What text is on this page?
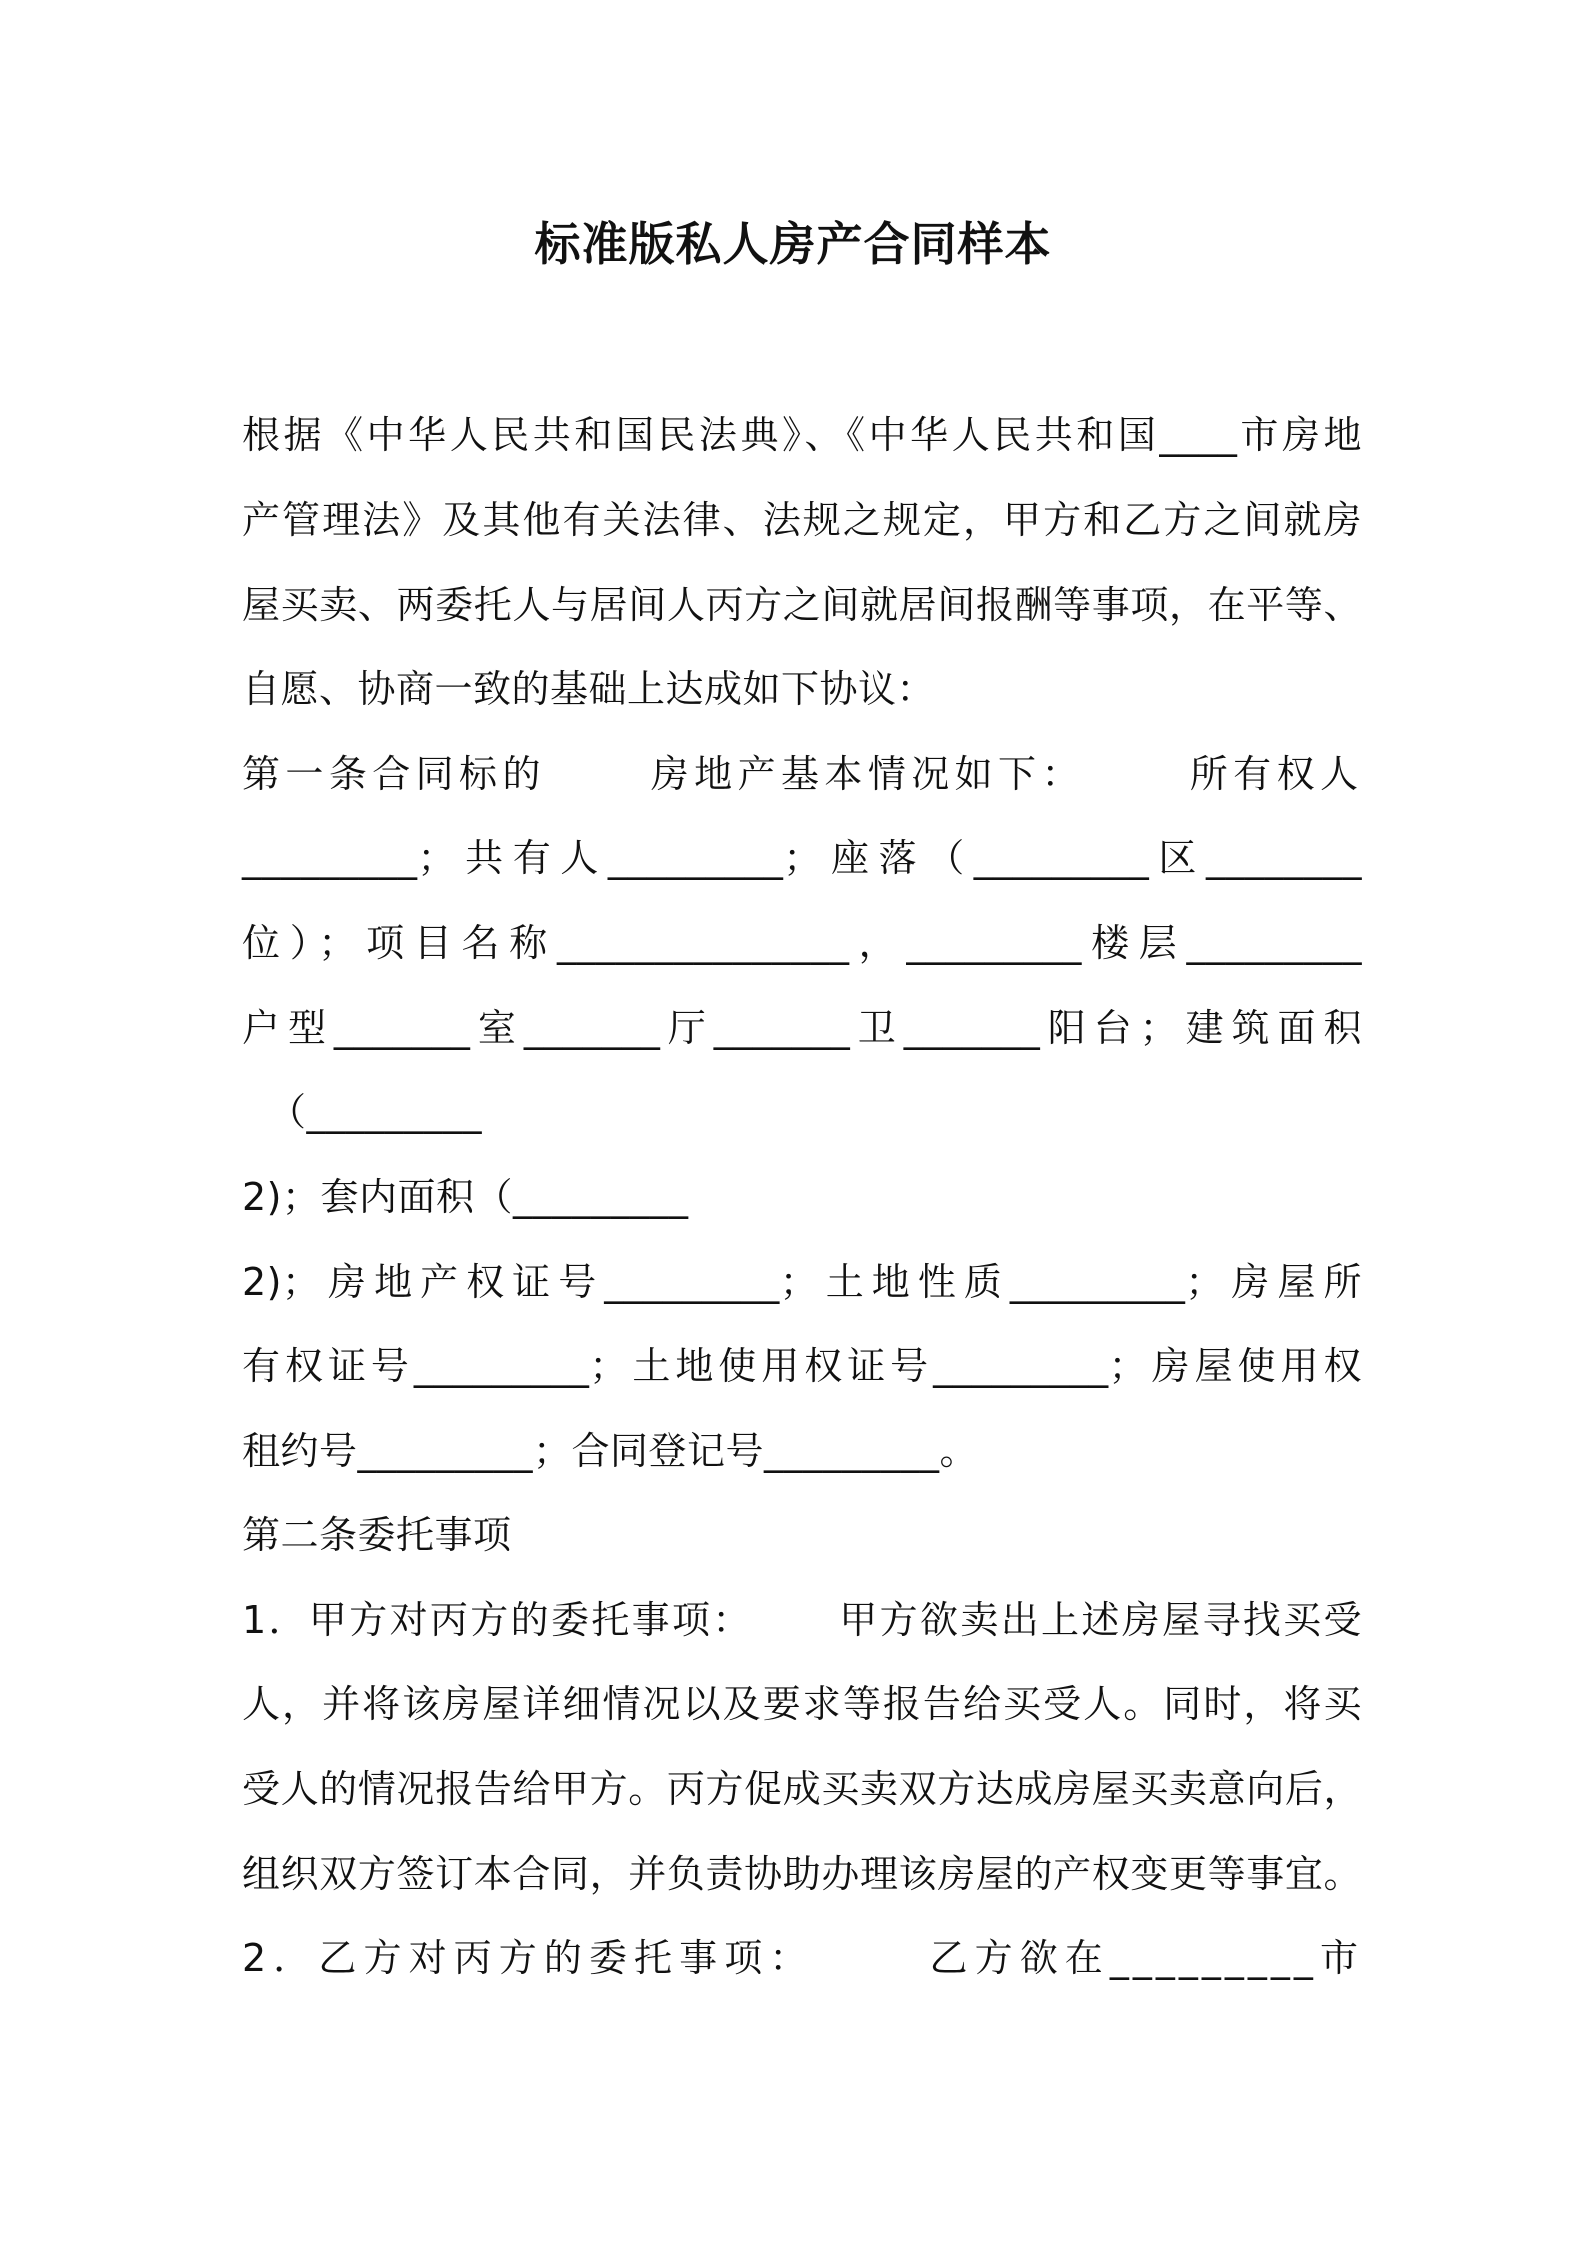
标准版私人房产合同样本
根据《中华人民共和国民法典》、《中华人民共和国____市房地
产管理法》及其他有关法律、法规之规定，甲方和乙方之间就房
屋买卖、两委托人与居间人丙方之间就居间报酬等事项，在平等、
自愿、协商一致的基础上达成如下协议：
第一条合同标的      房地产基本情况如下：      所有权人
_________；共有人_________；座落（_________区________
位）；项目名称_______________，_________楼层_________
户型_______室_______厅_______卫_______阳台；建筑面积
（_________
2)；套内面积（_________
2)；房地产权证号_________；土地性质_________；房屋所
有权证号_________；土地使用权证号_________；房屋使用权
租约号_________；合同登记号_________。
第二条委托事项
1．甲方对丙方的委托事项：      甲方欲卖出上述房屋寻找买受
人，并将该房屋详细情况以及要求等报告给买受人。同时，将买
受人的情况报告给甲方。丙方促成买卖双方达成房屋买卖意向后，
组织双方签订本合同，并负责协助办理该房屋的产权变更等事宜。
2．乙方对丙方的委托事项：      乙方欲在_________市
